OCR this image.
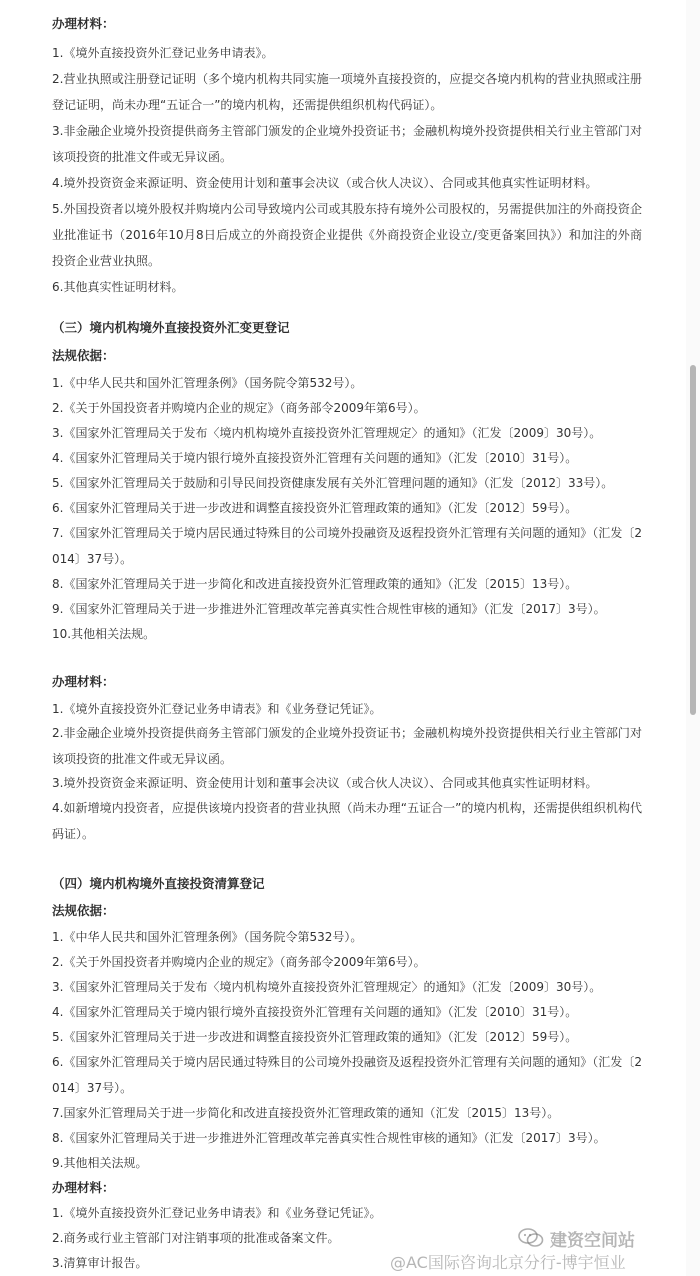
办理材料：
1.《境外直接投资外汇登记业务申请表》。
2.营业执照或注册登记证明（多个境内机构共同实施一项境外直接投资的，应提交各境内机构的营业执照或注册登记证明，尚未办理“五证合一”的境内机构，还需提供组织机构代码证）。
3.非金融企业境外投资提供商务主管部门颁发的企业境外投资证书；金融机构境外投资提供相关行业主管部门对该项投资的批准文件或无异议函。
4.境外投资资金来源证明、资金使用计划和董事会决议（或合伙人决议）、合同或其他真实性证明材料。
5.外国投资者以境外股权并购境内公司导致境内公司或其股东持有境外公司股权的，另需提供加注的外商投资企业批准证书（2016年10月8日后成立的外商投资企业提供《外商投资企业设立/变更备案回执》）和加注的外商投资企业营业执照。
6.其他真实性证明材料。
（三）境内机构境外直接投资外汇变更登记
法规依据：
1.《中华人民共和国外汇管理条例》（国务院令第532号）。
2.《关于外国投资者并购境内企业的规定》（商务部令2009年第6号）。
3.《国家外汇管理局关于发布〈境内机构境外直接投资外汇管理规定〉的通知》（汇发〔2009〕30号）。
4.《国家外汇管理局关于境内银行境外直接投资外汇管理有关问题的通知》（汇发〔2010〕31号）。
5.《国家外汇管理局关于鼓励和引导民间投资健康发展有关外汇管理问题的通知》（汇发〔2012〕33号）。
6.《国家外汇管理局关于进一步改进和调整直接投资外汇管理政策的通知》（汇发〔2012〕59号）。
7.《国家外汇管理局关于境内居民通过特殊目的公司境外投融资及返程投资外汇管理有关问题的通知》（汇发〔2014〕37号）。
8.《国家外汇管理局关于进一步简化和改进直接投资外汇管理政策的通知》（汇发〔2015〕13号）。
9.《国家外汇管理局关于进一步推进外汇管理改革完善真实性合规性审核的通知》（汇发〔2017〕3号）。
10.其他相关法规。
办理材料：
1.《境外直接投资外汇登记业务申请表》和《业务登记凭证》。
2.非金融企业境外投资提供商务主管部门颁发的企业境外投资证书；金融机构境外投资提供相关行业主管部门对该项投资的批准文件或无异议函。
3.境外投资资金来源证明、资金使用计划和董事会决议（或合伙人决议）、合同或其他真实性证明材料。
4.如新增境内投资者，应提供该境内投资者的营业执照（尚未办理“五证合一”的境内机构，还需提供组织机构代码证）。
（四）境内机构境外直接投资清算登记
法规依据：
1.《中华人民共和国外汇管理条例》（国务院令第532号）。
2.《关于外国投资者并购境内企业的规定》（商务部令2009年第6号）。
3.《国家外汇管理局关于发布〈境内机构境外直接投资外汇管理规定〉的通知》（汇发〔2009〕30号）。
4.《国家外汇管理局关于境内银行境外直接投资外汇管理有关问题的通知》（汇发〔2010〕31号）。
5.《国家外汇管理局关于进一步改进和调整直接投资外汇管理政策的通知》（汇发〔2012〕59号）。
6.《国家外汇管理局关于境内居民通过特殊目的公司境外投融资及返程投资外汇管理有关问题的通知》（汇发〔2014〕37号）。
7.国家外汇管理局关于进一步简化和改进直接投资外汇管理政策的通知（汇发〔2015〕13号）。
8.《国家外汇管理局关于进一步推进外汇管理改革完善真实性合规性审核的通知》（汇发〔2017〕3号）。
9.其他相关法规。
办理材料：
1.《境外直接投资外汇登记业务申请表》和《业务登记凭证》。
2.商务或行业主管部门对注销事项的批准或备案文件。
3.清算审计报告。
建资空间站
@AC国际咨询北京分行-博宇恒业
